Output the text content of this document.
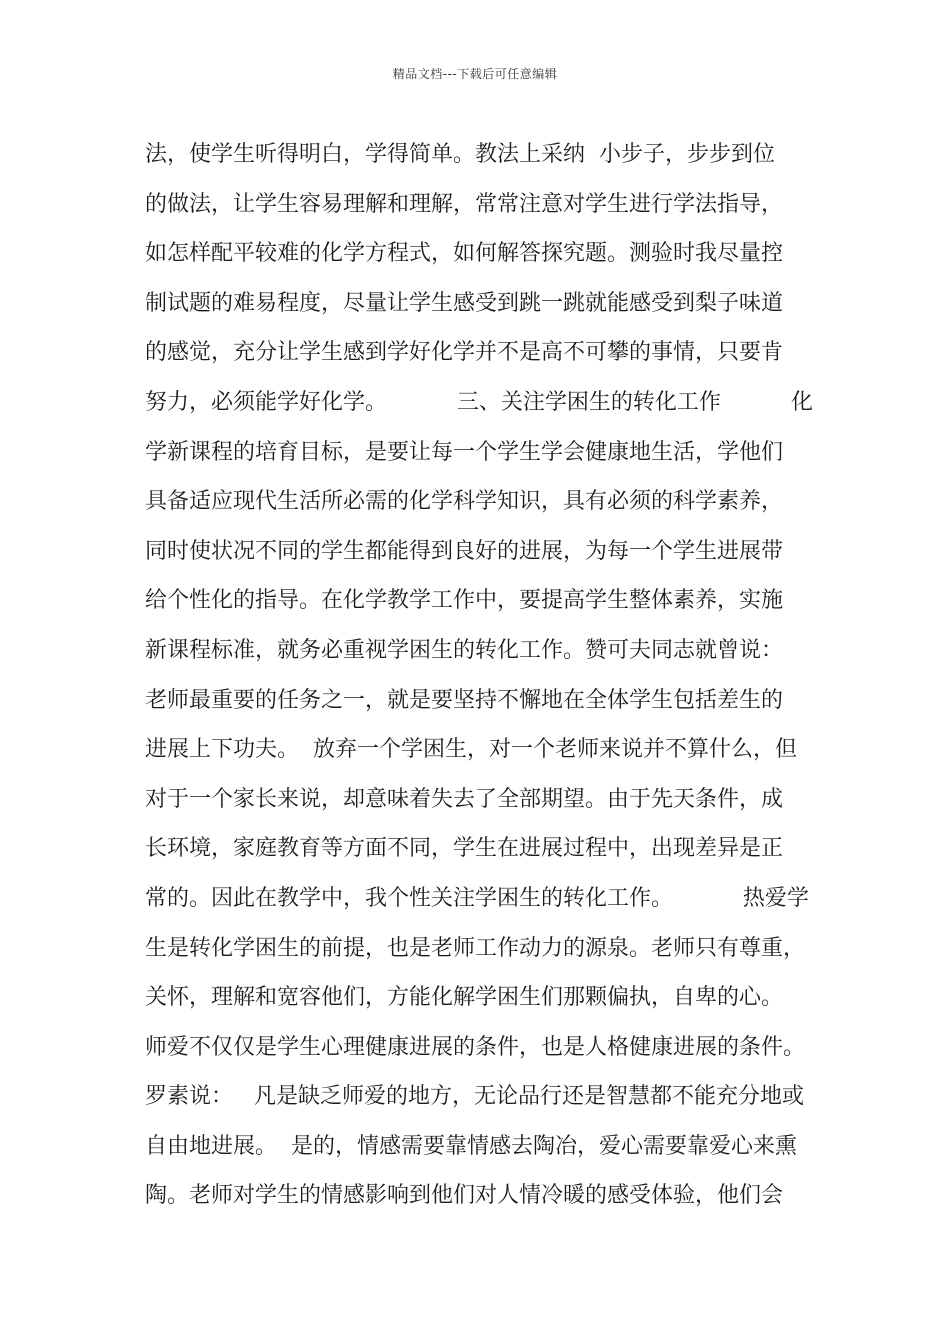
精品文档---下载后可任意编辑
法，使学生听得明白，学得简单。教法上采纳  小步子，步步到位
的做法，让学生容易理解和理解，常常注意对学生进行学法指导，
如怎样配平较难的化学方程式，如何解答探究题。测验时我尽量控
制试题的难易程度，尽量让学生感受到跳一跳就能感受到梨子味道
的感觉，充分让学生感到学好化学并不是高不可攀的事情，只要肯
努力，必须能学好化学。          三、关注学困生的转化工作          化
学新课程的培育目标，是要让每一个学生学会健康地生活，学他们
具备适应现代生活所必需的化学科学知识，具有必须的科学素养，
同时使状况不同的学生都能得到良好的进展，为每一个学生进展带
给个性化的指导。在化学教学工作中，要提高学生整体素养，实施
新课程标准，就务必重视学困生的转化工作。赞可夫同志就曾说：
老师最重要的任务之一，就是要坚持不懈地在全体学生包括差生的
进展上下功夫。  放弃一个学困生，对一个老师来说并不算什么，但
对于一个家长来说，却意味着失去了全部期望。由于先天条件，成
长环境，家庭教育等方面不同，学生在进展过程中，出现差异是正
常的。因此在教学中，我个性关注学困生的转化工作。          热爱学
生是转化学困生的前提，也是老师工作动力的源泉。老师只有尊重，
关怀，理解和宽容他们，方能化解学困生们那颗偏执，自卑的心。
师爱不仅仅是学生心理健康进展的条件，也是人格健康进展的条件。
罗素说：   凡是缺乏师爱的地方，无论品行还是智慧都不能充分地或
自由地进展。  是的，情感需要靠情感去陶冶，爱心需要靠爱心来熏
陶。老师对学生的情感影响到他们对人情冷暖的感受体验，他们会
